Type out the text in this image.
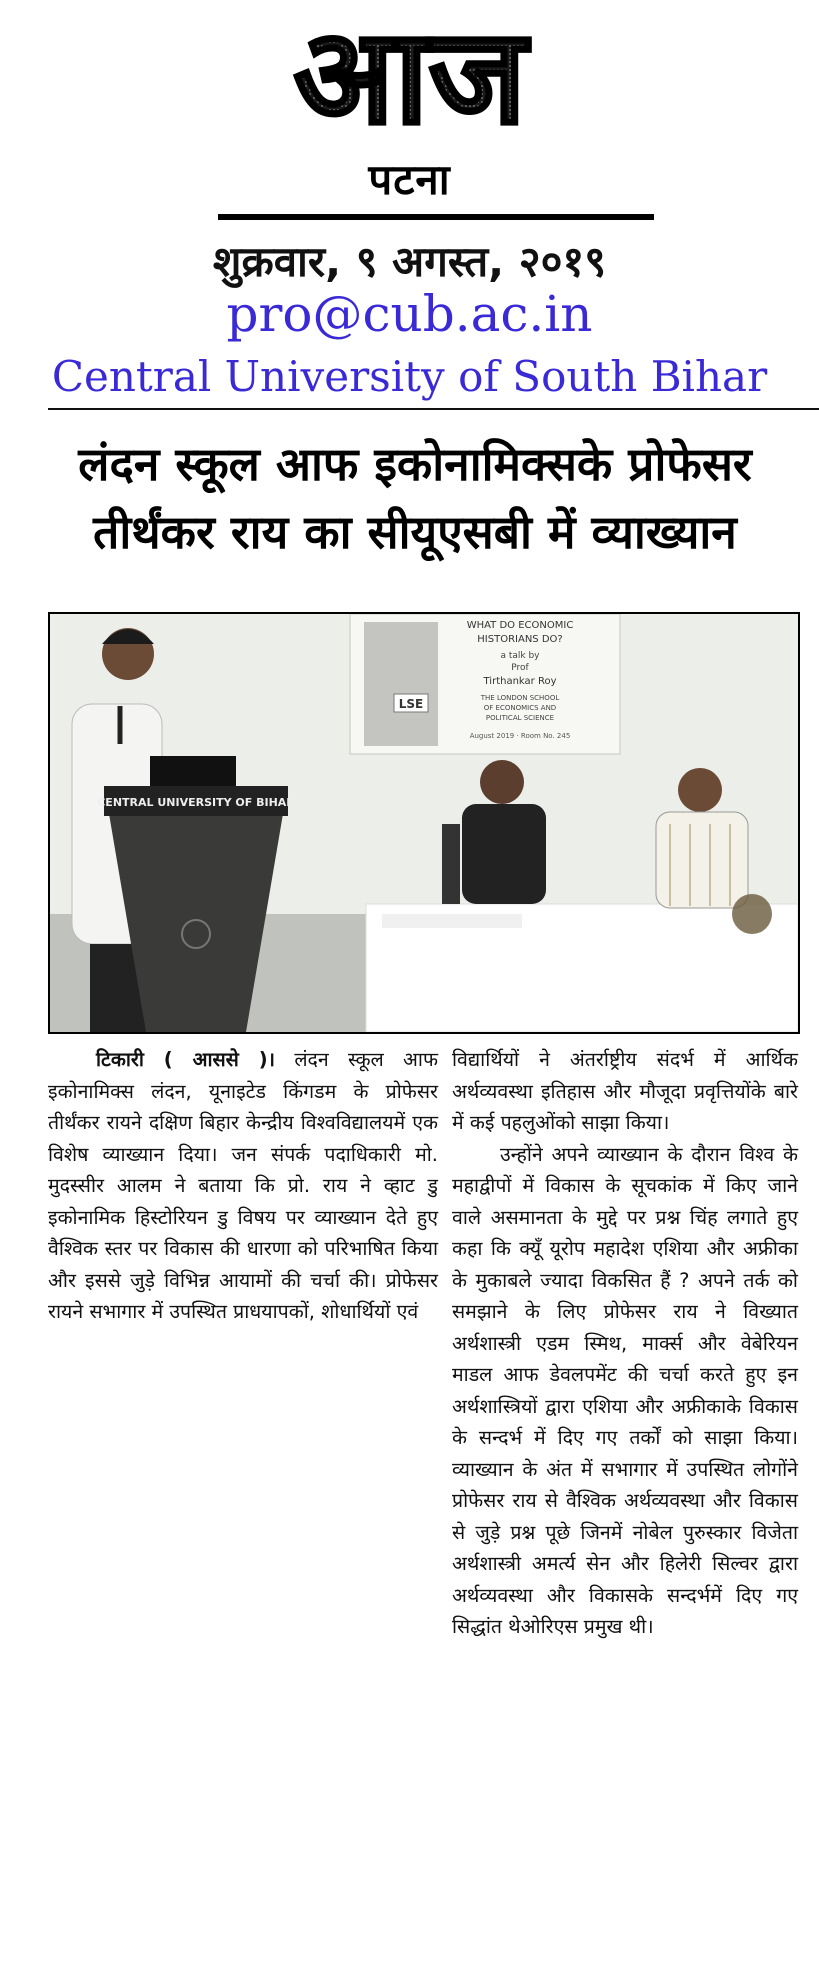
आज
पटना
शुक्रवार, ९ अगस्त, २०१९
pro@cub.ac.in
Central University of South Bihar
लंदन स्कूल आफ इकोनामिक्सके प्रोफेसर
तीर्थंकर राय का सीयूएसबी में व्याख्यान
WHAT DO ECONOMIC
HISTORIANS DO?
a talk by
Prof
Tirthankar Roy
THE LONDON SCHOOL
OF ECONOMICS AND
POLITICAL SCIENCE
LSE
August 2019 · Room No. 245
CENTRAL UNIVERSITY OF BIHAR

टिकारी ( आससे )। लंदन स्कूल आफ इकोनामिक्स लंदन, यूनाइटेड किंगडम के प्रोफेसर तीर्थंकर रायने दक्षिण बिहार केन्द्रीय विश्वविद्यालयमें एक विशेष व्याख्यान दिया। जन संपर्क पदाधिकारी मो. मुदस्सीर आलम ने बताया कि प्रो. राय ने व्हाट डु इकोनामिक हिस्टोरियन डु विषय पर व्याख्यान देते हुए वैश्विक स्तर पर विकास की धारणा को परिभाषित किया और इससे जुड़े विभिन्न आयामों की चर्चा की। प्रोफेसर रायने सभागार में उपस्थित प्राधयापकों, शोधार्थियों एवं

विद्यार्थियों ने अंतर्राष्ट्रीय संदर्भ में आर्थिक अर्थव्यवस्था इतिहास और मौजूदा प्रवृत्तियोंके बारे में कई पहलुओंको साझा किया।

उन्होंने अपने व्याख्यान के दौरान विश्व के महाद्वीपों में विकास के सूचकांक में किए जाने वाले असमानता के मुद्दे पर प्रश्न चिंह लगाते हुए कहा कि क्यूँ यूरोप महादेश एशिया और अफ्रीका के मुकाबले ज्यादा विकसित हैं ? अपने तर्क को समझाने के लिए प्रोफेसर राय ने विख्यात अर्थशास्त्री एडम स्मिथ, मार्क्स और वेबेरियन माडल आफ डेवलपमेंट की चर्चा करते हुए इन अर्थशास्त्रियों द्वारा एशिया और अफ्रीकाके विकास के सन्दर्भ में दिए गए तर्कों को साझा किया। व्याख्यान के अंत में सभागार में उपस्थित लोगोंने प्रोफेसर राय से वैश्विक अर्थव्यवस्था और विकास से जुड़े प्रश्न पूछे जिनमें नोबेल पुरुस्कार विजेता अर्थशास्त्री अमर्त्य सेन और हिलेरी सिल्वर द्वारा अर्थव्यवस्था और विकासके सन्दर्भमें दिए गए सिद्धांत थेओरिएस प्रमुख थी।
